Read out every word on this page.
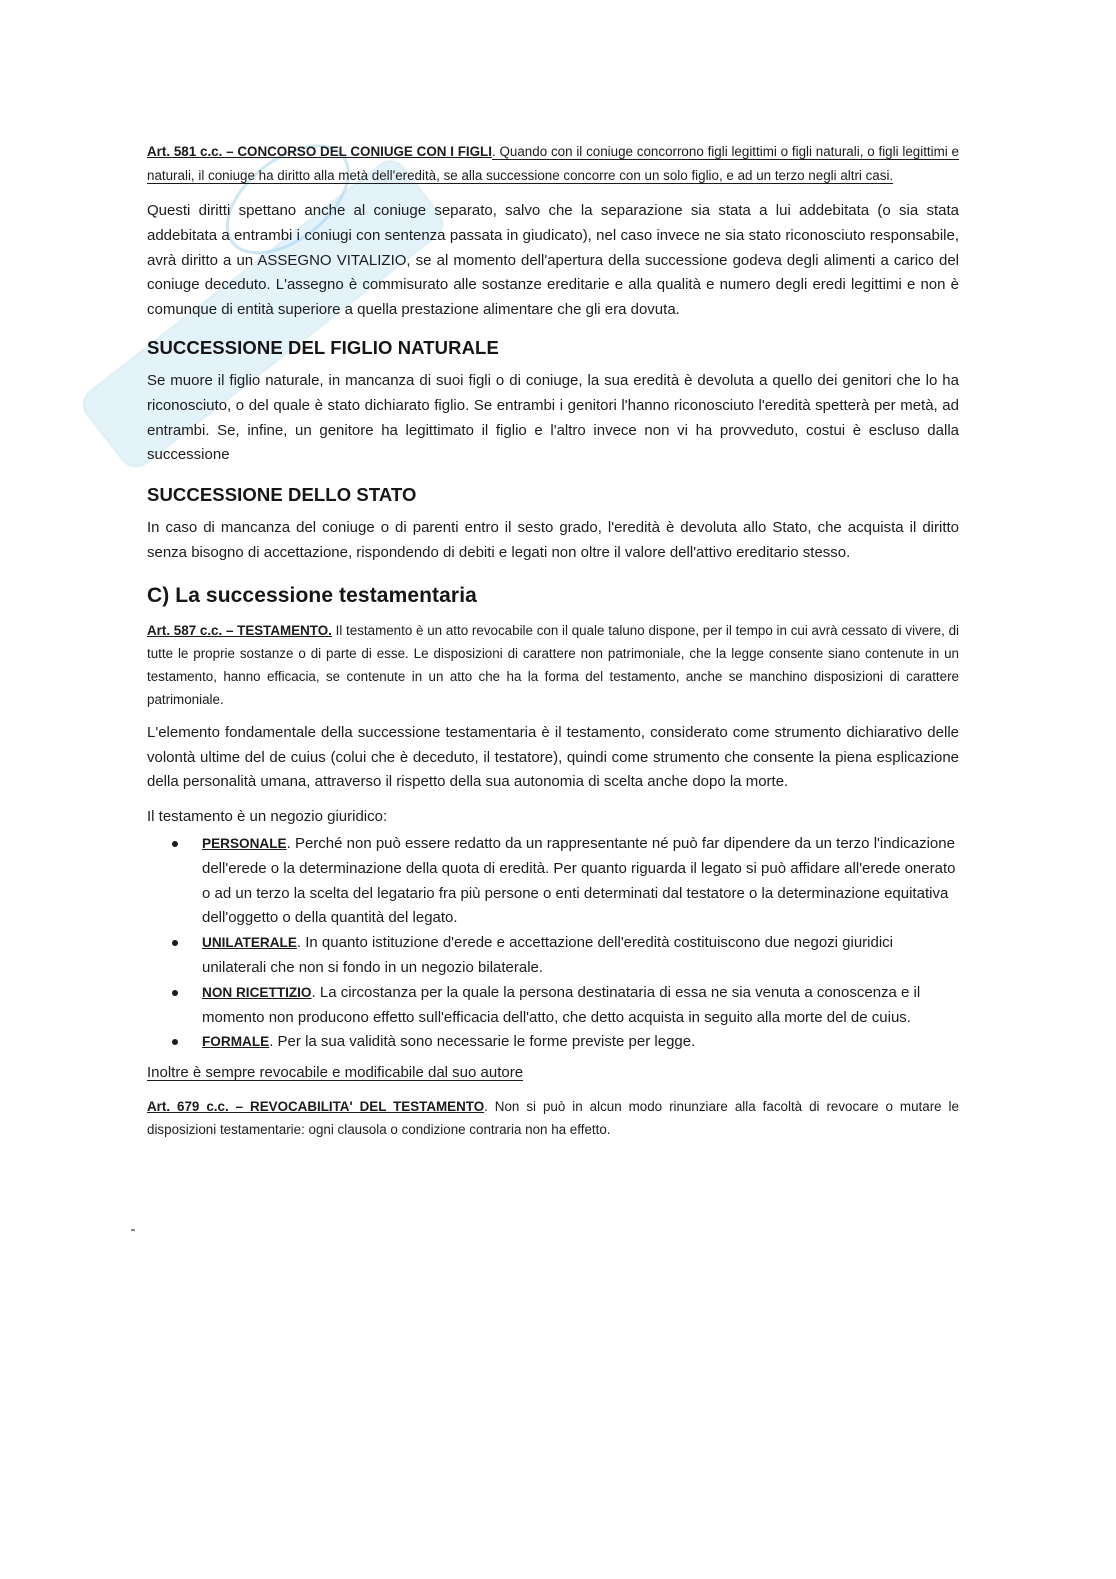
Art. 581 c.c. – CONCORSO DEL CONIUGE CON I FIGLI. Quando con il coniuge concorrono figli legittimi o figli naturali, o figli legittimi e naturali, il coniuge ha diritto alla metà dell'eredità, se alla successione concorre con un solo figlio, e ad un terzo negli altri casi.

Questi diritti spettano anche al coniuge separato, salvo che la separazione sia stata a lui addebitata (o sia stata addebitata a entrambi i coniugi con sentenza passata in giudicato), nel caso invece ne sia stato riconosciuto responsabile, avrà diritto a un ASSEGNO VITALIZIO, se al momento dell'apertura della successione godeva degli alimenti a carico del coniuge deceduto. L'assegno è commisurato alle sostanze ereditarie e alla qualità e numero degli eredi legittimi e non è comunque di entità superiore a quella prestazione alimentare che gli era dovuta.

SUCCESSIONE DEL FIGLIO NATURALE

Se muore il figlio naturale, in mancanza di suoi figli o di coniuge, la sua eredità è devoluta a quello dei genitori che lo ha riconosciuto, o del quale è stato dichiarato figlio. Se entrambi i genitori l'hanno riconosciuto l'eredità spetterà per metà, ad entrambi. Se, infine, un genitore ha legittimato il figlio e l'altro invece non vi ha provveduto, costui è escluso dalla successione

SUCCESSIONE DELLO STATO

In caso di mancanza del coniuge o di parenti entro il sesto grado, l'eredità è devoluta allo Stato, che acquista il diritto senza bisogno di accettazione, rispondendo di debiti e legati non oltre il valore dell'attivo ereditario stesso.

C) La successione testamentaria

Art. 587 c.c. – TESTAMENTO. Il testamento è un atto revocabile con il quale taluno dispone, per il tempo in cui avrà cessato di vivere, di tutte le proprie sostanze o di parte di esse. Le disposizioni di carattere non patrimoniale, che la legge consente siano contenute in un testamento, hanno efficacia, se contenute in un atto che ha la forma del testamento, anche se manchino disposizioni di carattere patrimoniale.

L'elemento fondamentale della successione testamentaria è il testamento, considerato come strumento dichiarativo delle volontà ultime del de cuius (colui che è deceduto, il testatore), quindi come strumento che consente la piena esplicazione della personalità umana, attraverso il rispetto della sua autonomia di scelta anche dopo la morte.

Il testamento è un negozio giuridico:

PERSONALE. Perché non può essere redatto da un rappresentante né può far dipendere da un terzo l'indicazione dell'erede o la determinazione della quota di eredità. Per quanto riguarda il legato si può affidare all'erede onerato o ad un terzo la scelta del legatario fra più persone o enti determinati dal testatore o la determinazione equitativa dell'oggetto o della quantità del legato.
UNILATERALE. In quanto istituzione d'erede e accettazione dell'eredità costituiscono due negozi giuridici unilaterali che non si fondo in un negozio bilaterale.
NON RICETTIZIO. La circostanza per la quale la persona destinataria di essa ne sia venuta a conoscenza e il momento non producono effetto sull'efficacia dell'atto, che detto acquista in seguito alla morte del de cuius.
FORMALE. Per la sua validità sono necessarie le forme previste per legge.

Inoltre è sempre revocabile e modificabile dal suo autore

Art. 679 c.c. – REVOCABILITA' DEL TESTAMENTO. Non si può in alcun modo rinunziare alla facoltà di revocare o mutare le disposizioni testamentarie: ogni clausola o condizione contraria non ha effetto.
